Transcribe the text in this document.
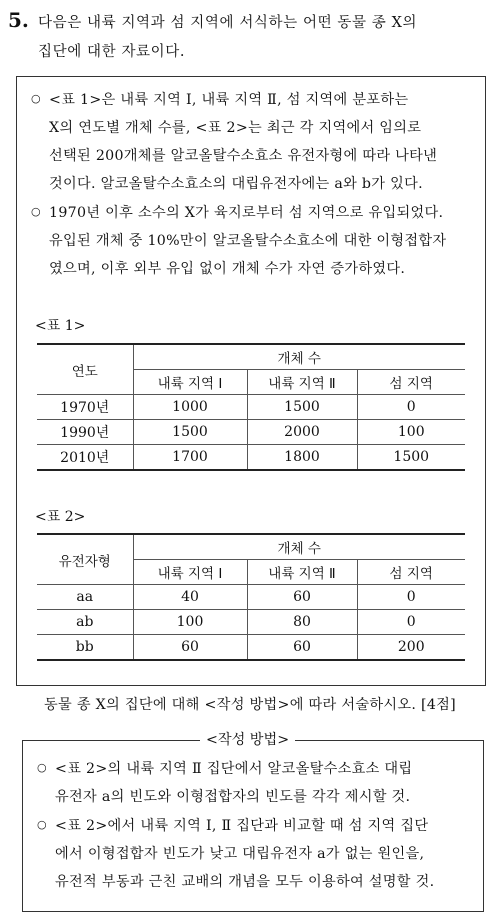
5. 다음은 내륙 지역과 섬 지역에 서식하는 어떤 동물 종 X의
집단에 대한 자료이다.
○ <표 1>은 내륙 지역 Ⅰ, 내륙 지역 Ⅱ, 섬 지역에 분포하는
X의 연도별 개체 수를, <표 2>는 최근 각 지역에서 임의로
선택된 200개체를 알코올탈수소효소 유전자형에 따라 나타낸
것이다. 알코올탈수소효소의 대립유전자에는 a와 b가 있다.
○ 1970년 이후 소수의 X가 육지로부터 섬 지역으로 유입되었다.
유입된 개체 중 10%만이 알코올탈수소효소에 대한 이형접합자
였으며, 이후 외부 유입 없이 개체 수가 자연 증가하였다.
<표 1>
연도	개체 수		
	내륙 지역 Ⅰ	내륙 지역 Ⅱ	섬 지역
1970년	1000	1500	0
1990년	1500	2000	100
2010년	1700	1800	1500
<표 2>
유전자형	개체 수		
	내륙 지역 Ⅰ	내륙 지역 Ⅱ	섬 지역
aa	40	60	0
ab	100	80	0
bb	60	60	200
동물 종 X의 집단에 대해 <작성 방법>에 따라 서술하시오. [4점]
○ <표 2>의 내륙 지역 Ⅱ 집단에서 알코올탈수소효소 대립
유전자 a의 빈도와 이형접합자의 빈도를 각각 제시할 것.
○ <표 2>에서 내륙 지역 Ⅰ, Ⅱ 집단과 비교할 때 섬 지역 집단
에서 이형접합자 빈도가 낮고 대립유전자 a가 없는 원인을,
유전적 부동과 근친 교배의 개념을 모두 이용하여 설명할 것.
<작성 방법>
